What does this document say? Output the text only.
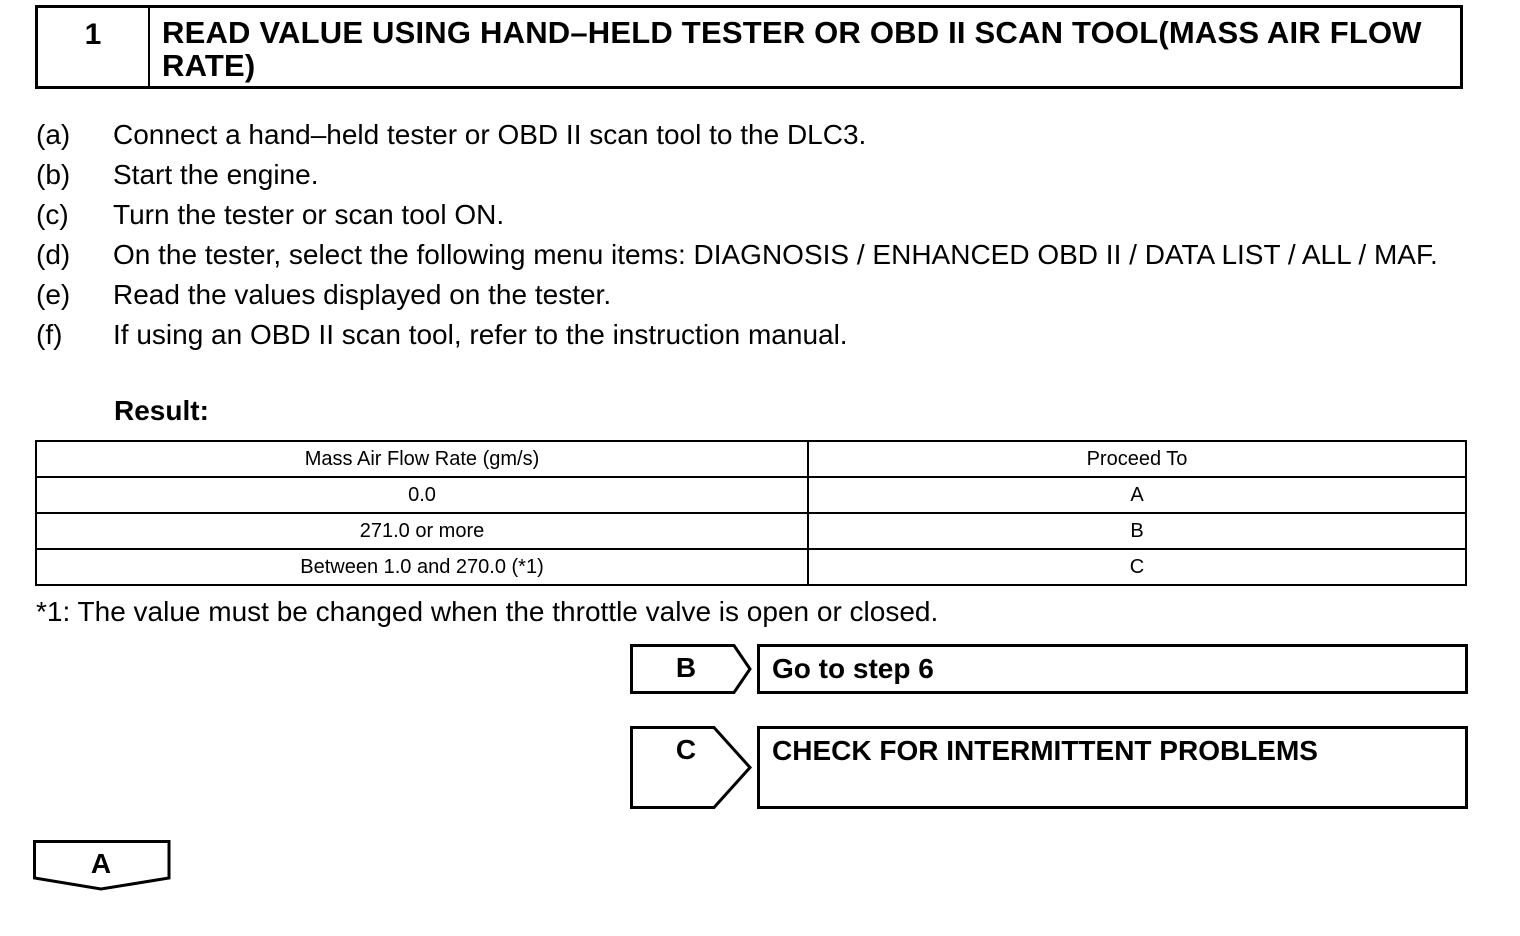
1	READ VALUE USING HAND–HELD TESTER OR OBD II SCAN TOOL(MASS AIR FLOW RATE)
(a)	Connect a hand–held tester or OBD II scan tool to the DLC3.
(b)	Start the engine.
(c)	Turn the tester or scan tool ON.
(d)	On the tester, select the following menu items: DIAGNOSIS / ENHANCED OBD II / DATA LIST / ALL / MAF.
(e)	Read the values displayed on the tester.
(f)	If using an OBD II scan tool, refer to the instruction manual.
Result:
Mass Air Flow Rate (gm/s)	Proceed To
0.0	A
271.0 or more	B
Between 1.0 and 270.0 (*1)	C
*1: The value must be changed when the throttle valve is open or closed.
B	Go to step 6
C	CHECK FOR INTERMITTENT PROBLEMS
A
